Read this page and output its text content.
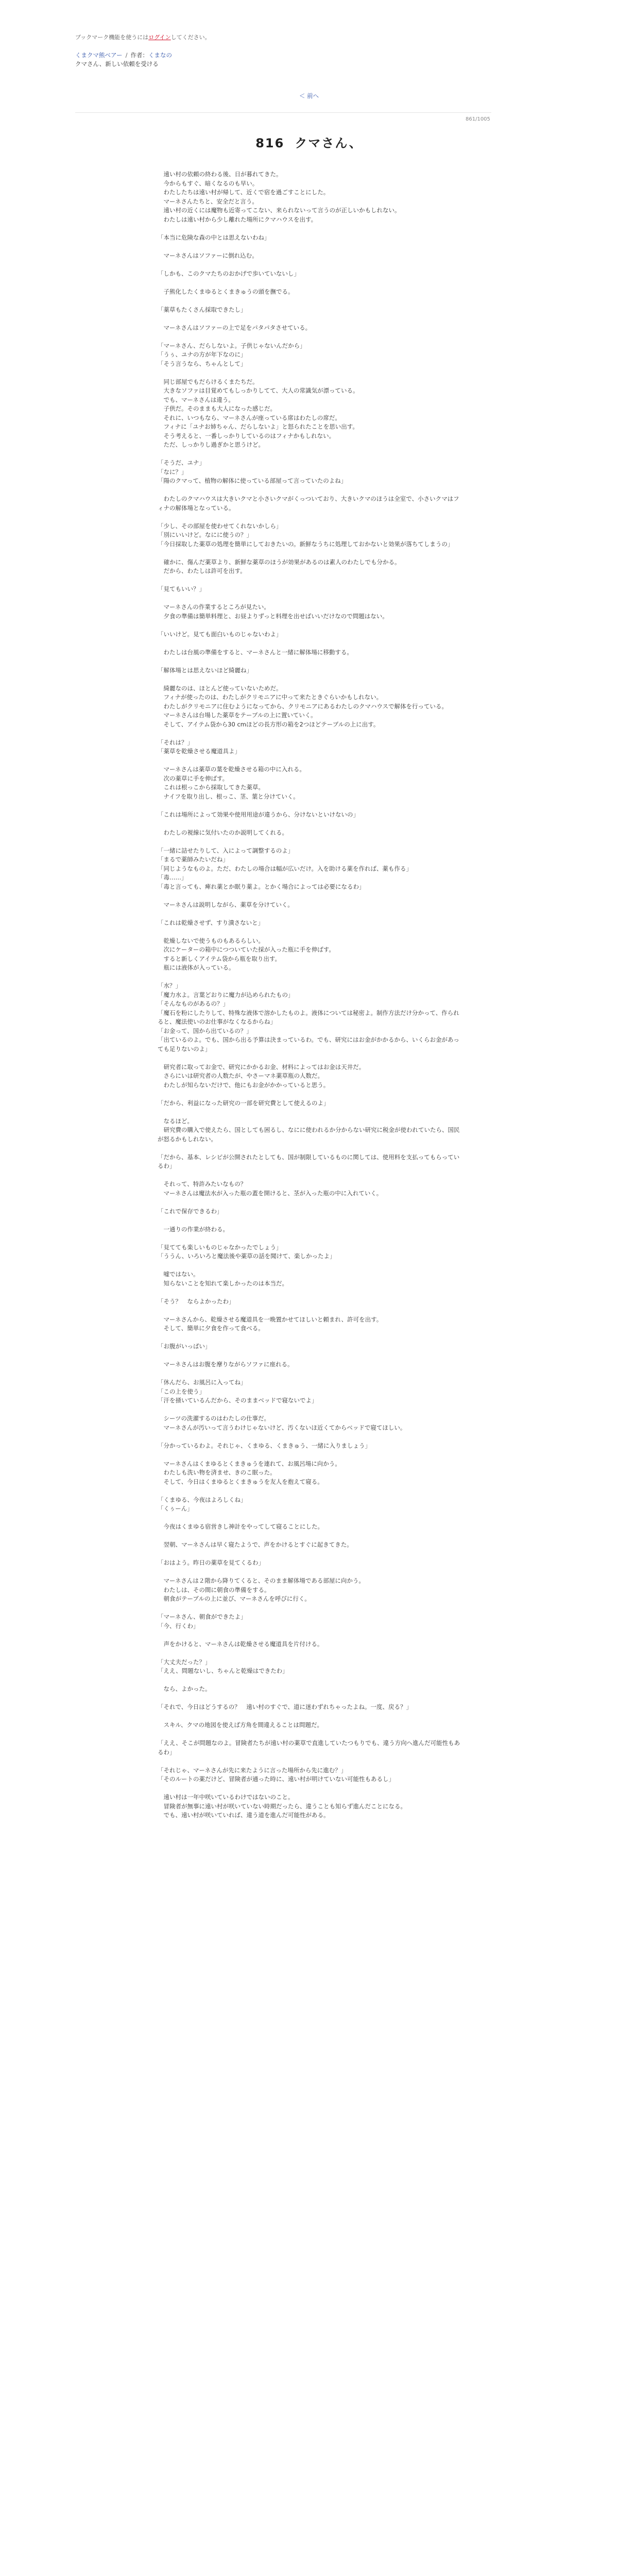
ブックマーク機能を使うにはログインしてください。
くまクマ熊ベアー / 作者：くまなの
クマさん、新しい依頼を受ける
＜ 前へ
861/1005
816 クマさん、

　遠い村の依頼の終わる後、日が暮れてきた。

　今からもすぐ、暗くなるのも早い。

　わたしたちは遠い村が帰して、近くで宿を過ごすことにした。

　マーネさんたちと、安全だと言う。

　遠い村の近くには魔物も近寄ってこない、来られないって言うのが正しいかもしれない。

　わたしは遠い村から少し離れた場所にクマハウスを出す。

「本当に危険な森の中とは思えないわね」

　マーネさんはソファーに倒れ込む。

「しかも、このクマたちのおかげで歩いていないし」

　子熊化したくまゆるとくまきゅうの頭を撫でる。

「薬草もたくさん採取できたし」

　マーネさんはソファーの上で足をパタパタさせている。

「マーネさん、だらしないよ。子供じゃないんだから」

「うぅ、ユナの方が年下なのに」

「そう言うなら、ちゃんとして」

　同じ部屋でもだらけるくまたちだ。

　大きなソファは目覚めてもしっかりしてて、大人の常識気が漂っている。

　でも、マーネさんは違う。

　子供だ。そのままも大人になった感じだ。

　それに、いつもなら、マーネさんが座っている席はわたしの席だ。

　フィナに「ユナお姉ちゃん、だらしないよ」と怒られたことを思い出す。

　そう考えると、一番しっかりしているのはフィナかもしれない。

　ただ、しっかりし過ぎかと思うけど。

「そうだ、ユナ」

「なに？」

「陽のクマって、植物の解体に使っている部屋って言っていたのよね」

　わたしのクマハウスは大きいクマと小さいクマがくっついており、大きいクマのほうは全室で、小さいクマはフィナの解体場となっている。

「少し、その部屋を使わせてくれないかしら」

「別にいいけど。なにに使うの？」

「今日採取した薬草の処理を簡単にしておきたいの。新鮮なうちに処理しておかないと効果が落ちてしまうの」

　確かに、傷んだ薬草より、新鮮な薬草のほうが効果があるのは素人のわたしでも分かる。

　だから、わたしは許可を出す。

「見てもいい？」

　マーネさんの作業するところが見たい。

　夕食の準備は簡単料理と、お昼よりずっと料理を出せばいいだけなので問題はない。

「いいけど。見ても面白いものじゃないわよ」

　わたしは台風の準備をすると、マーネさんと一緒に解体場に移動する。

「解体場とは思えないほど綺麗ね」

　綺麗なのは、ほとんど使っていないためだ。

　フィナが使ったのは、わたしがクリモニアに中って来たときぐらいかもしれない。

　わたしがクリモニアに住むようになってから、クリモニアにあるわたしのクマハウスで解体を行っている。

　マーネさんは台場した薬草をテーブルの上に置いていく。

　そして、アイテム袋から30 cmほどの長方形の箱を2つほどテーブルの上に出す。

「それは？」

「薬草を乾燥させる魔道具よ」

　マーネさんは薬草の葉を乾燥させる箱の中に入れる。

　次の薬草に手を伸ばす。

　これは根っこから採取してきた薬草。

　ナイフを取り出し、根っこ、茎、葉と分けていく。

「これは場所によって効果や使用用途が違うから、分けないといけないの」

　わたしの視線に気付いたのか説明してくれる。

「一緒に詰せたりして、入によって調整するのよ」

「まるで薬師みたいだね」

「同じようなものよ。ただ、わたしの場合は幅が広いだけ。入を助ける薬を作れば、薬も作る」

「毒……」

「毒と言っても、痺れ薬とか眠り薬よ。とかく場合によっては必要になるわ」

　マーネさんは説明しながら、薬草を分けていく。

「これは乾燥させず、すり潰さないと」

　乾燥しないで使うものもあるらしい。

　次にケーターの箱中につついていた採が入った瓶に手を伸ばす。

　すると新しくアイテム袋から瓶を取り出す。

　瓶には液体が入っている。

「水？」

「魔力水よ。言葉どおりに魔力が込められたもの」

「そんなものがあるの？」

「魔石を粉にしたりして、特殊な液体で溶かしたものよ。液体については秘密よ。制作方法だけ分かって、作られると、魔法使いのお仕事がなくなるからね」

「お金って、国から出ているの？」

「出ているのよ。でも、国から出る予算は決まっているわ。でも、研究にはお金がかかるから、いくらお金があっても足りないのよ」

　研究者に取ってお金で、研究にかかるお金、材料によってはお金は天井だ。

　さらにいは研究者の人数たが、やさーマネ薬草瓶の人数だ。

　わたしが知らないだけで、他にもお金がかかっていると思う。

「だから、利益になった研究の一部を研究費として使えるのよ」

　なるほど。

　研究費の購入で使えたら、国としても困るし、なにに使われるか分からない研究に税金が使われていたら、国民が怒るかもしれない。

「だから、基本、レシピが公開されたとしても、国が制限しているものに関しては、使用料を支払ってもらっているわ」

　それって、特許みたいなもの？

　マーネさんは魔法水が入った瓶の蓋を開けると、茎が入った瓶の中に入れていく。

「これで保存できるわ」

　一通りの作業が終わる。

「見てても楽しいものじゃなかったでしょう」

「ううん、いろいろと魔法後や薬草の話を聞けて、楽しかったよ」

　嘘ではない。

　知らないことを知れて楽しかったのは本当だ。

「そう？　ならよかったわ」

　マーネさんから、乾燥させる魔道具を一晩置かせてほしいと頼まれ、許可を出す。

　そして、簡単に夕食を作って食べる。

「お腹がいっぱい」

　マーネさんはお腹を摩りながらソファに座れる。

「休んだら、お風呂に入ってね」

「この上を使う」

「汗を掻いているんだから、そのままベッドで寝ないでよ」

　シーツの洗濯するのはわたしの仕事だ。

　マーネさんが汚いって言うわけじゃないけど、汚くないほ近くてからベッドで寝てほしい。

「分かっているわよ。それじゃ、くまゆる、くまきゅう、一緒に入りましょう」

　マーネさんはくまゆるとくまきゅうを連れて、お風呂場に向かう。

　わたしも洗い物を済ませ、きのこ眠った。

　そして、今日はくまゆるとくまきゅうを友人を抱えて寝る。

「くまゆる、今夜はよろしくね」

「くぅーん」

　今夜はくまゆる宿営きし神計をやってして寝ることにした。

　翌朝、マーネさんは早く寝たようで、声をかけるとすぐに起きてきた。

「おはよう。昨日の薬草を見てくるわ」

　マーネさんは２階から降りてくると、そのまま解体場である部屋に向かう。

　わたしは、その間に朝食の準備をする。

　朝食がテーブルの上に並び、マーネさんを呼びに行く。

「マーネさん、朝食ができたよ」

「今、行くわ」

　声をかけると、マーネさんは乾燥させる魔道具を片付ける。

「大丈夫だった？」

「ええ、問題ないし、ちゃんと乾燥はできたわ」

　なら、よかった。

「それで、今日はどうするの？　遠い村のすぐで、道に迷わずれちゃったよね。一度、戻る？」

　スキル、クマの地図を使えば方角を間違えることは問題だ。

「ええ、そこが問題なのよ。冒険者たちが遠い村の薬草で直進していたつもりでも、違う方向へ進んだ可能性もあるわ」

「それじゃ、マーネさんが先に来たように言った場所から先に進む？」

「そのルートの薬だけど、冒険者が通った時に、遠い村が明けていない可能性もあるし」

　遠い村は一年中咲いているわけではないのこと。

　冒険者が無事に遠い村が咲いていない時期だったら、違うことも知らず進んだことになる。

　でも、遠い村が咲いていれば、違う道を進んだ可能性がある。
